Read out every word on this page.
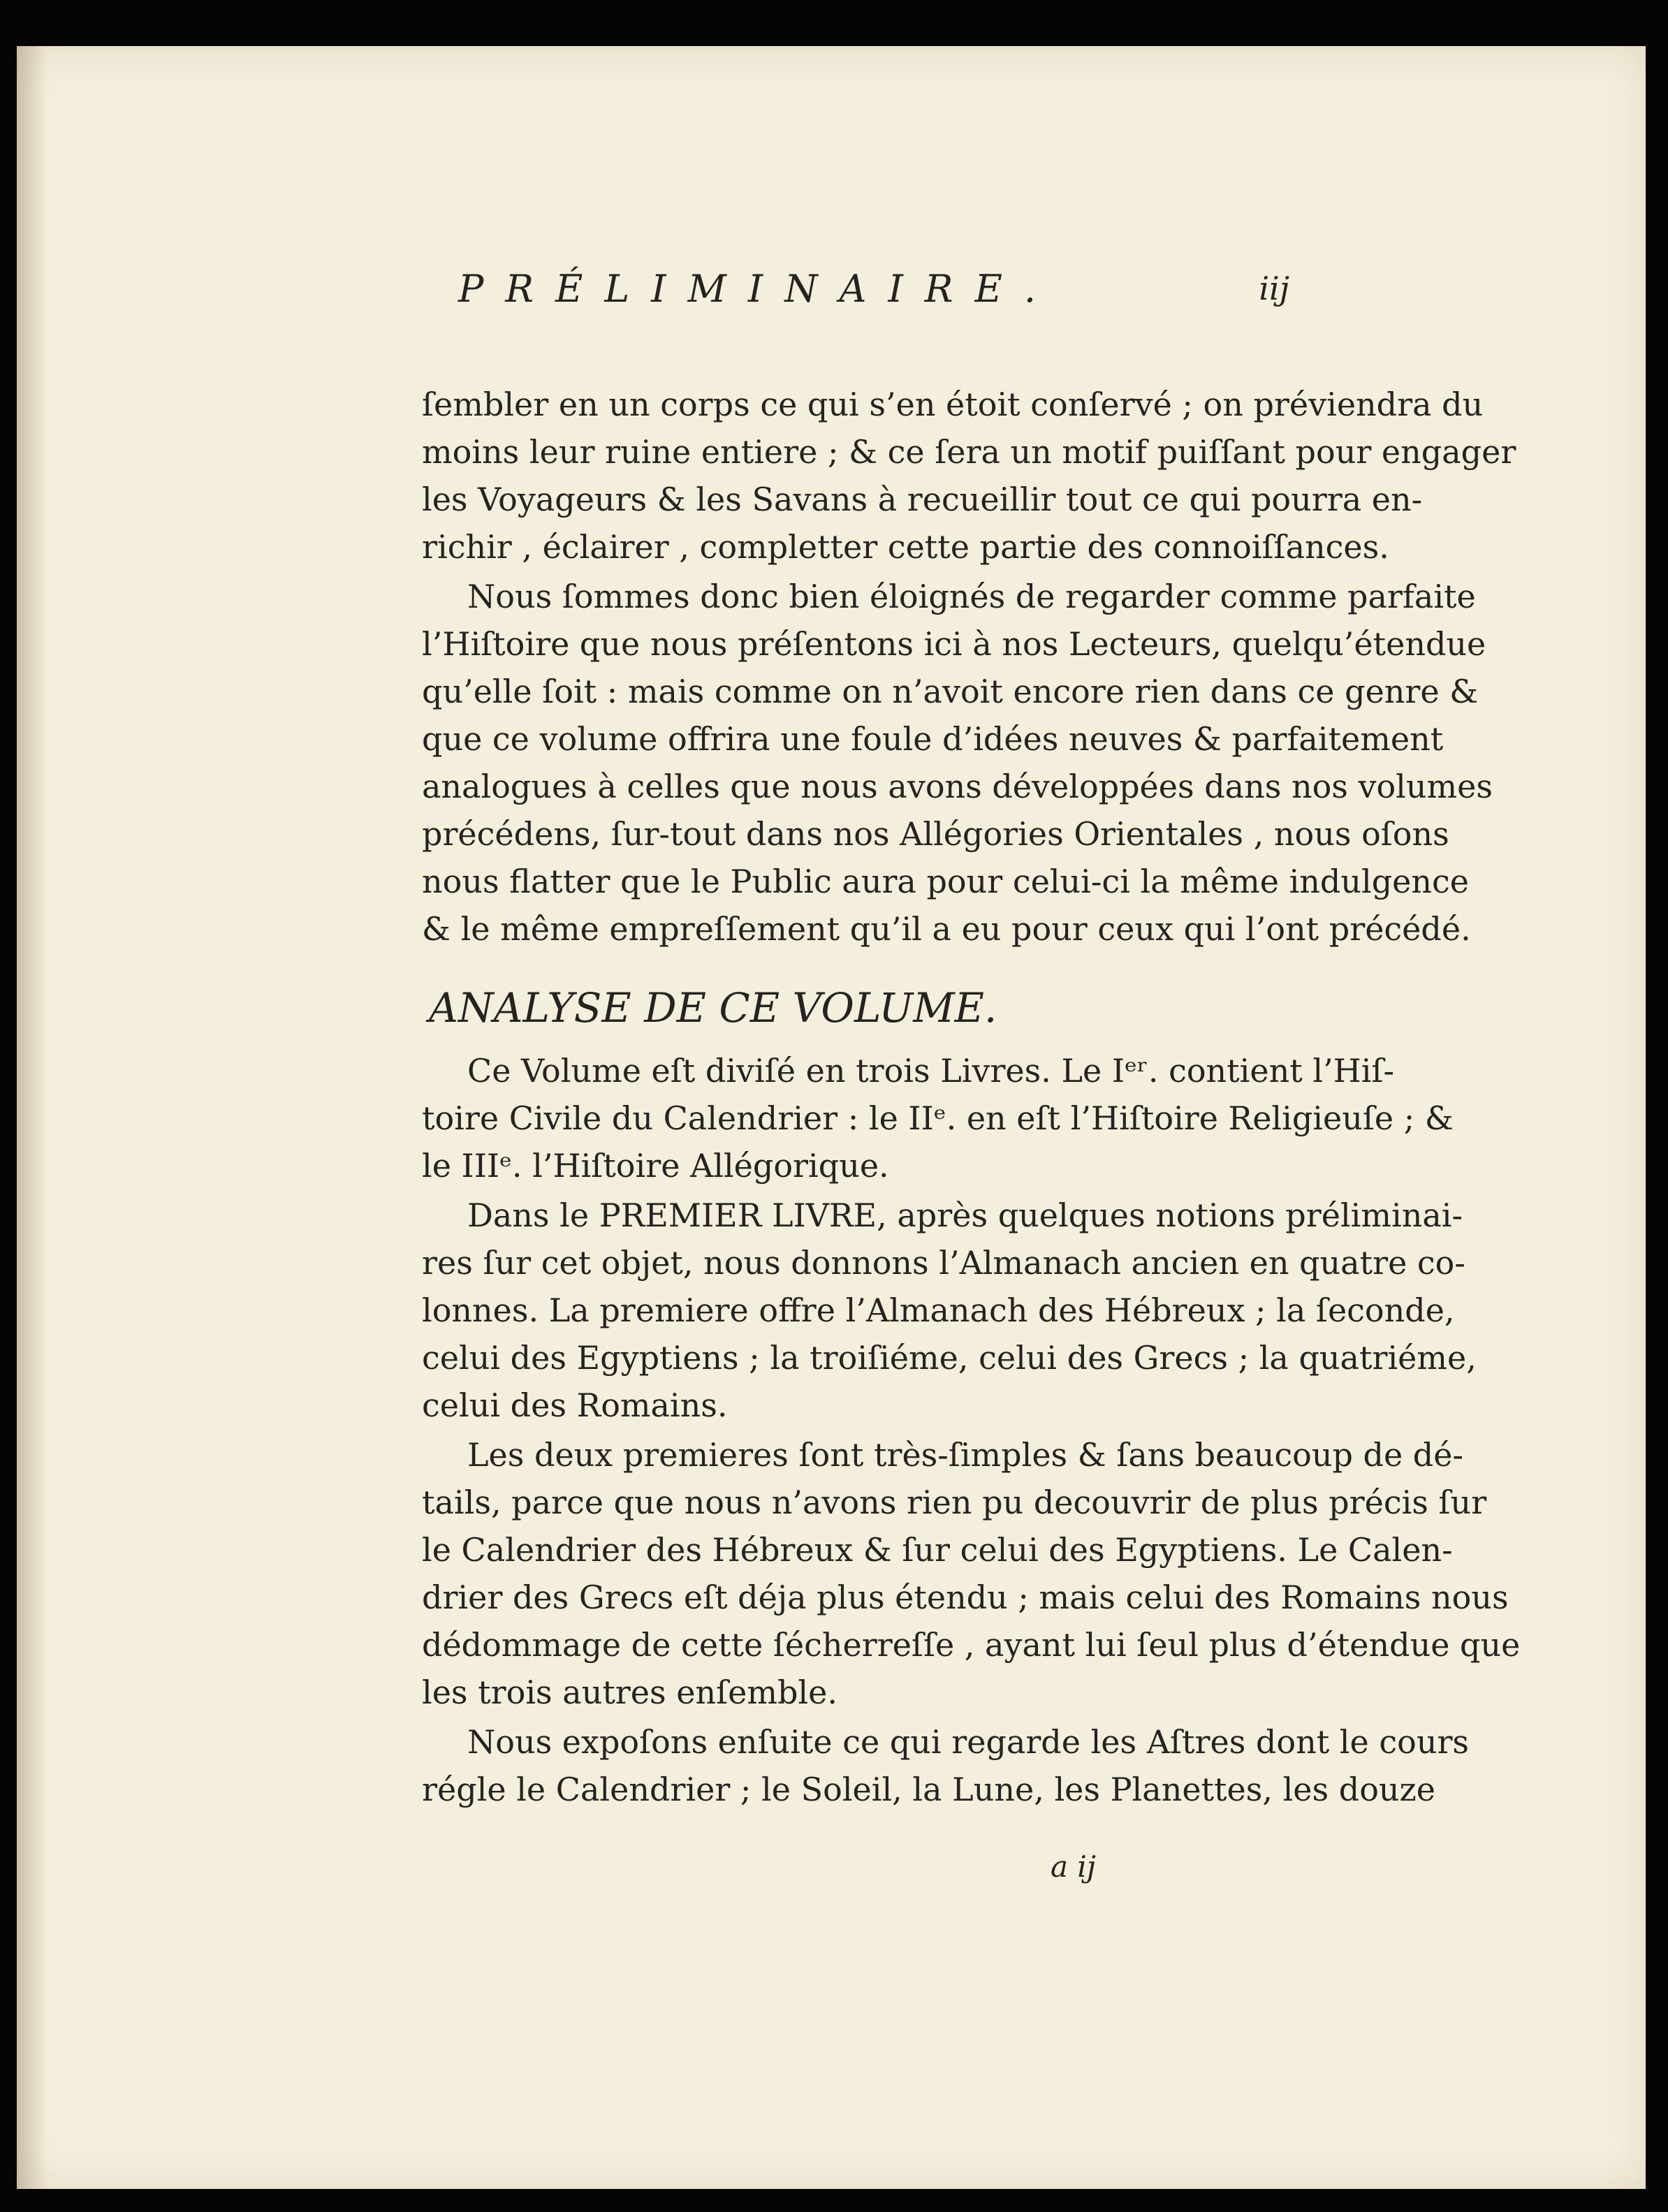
PRÉLIMINAIRE.	iij
ſembler en un corps ce qui s’en étoit conſervé ; on préviendra du
moins leur ruine entiere ; & ce ſera un motif puiſſant pour engager
les Voyageurs & les Savans à recueillir tout ce qui pourra en-
richir , éclairer , completter cette partie des connoiſſances.
Nous ſommes donc bien éloignés de regarder comme parfaite
l’Hiſtoire que nous préſentons ici à nos Lecteurs, quelqu’étendue
qu’elle ſoit : mais comme on n’avoit encore rien dans ce genre &
que ce volume offrira une foule d’idées neuves & parfaitement
analogues à celles que nous avons développées dans nos volumes
précédens, ſur-tout dans nos Allégories Orientales , nous oſons
nous flatter que le Public aura pour celui-ci la même indulgence
& le même empreſſement qu’il a eu pour ceux qui l’ont précédé.
ANALYSE DE CE VOLUME.
Ce Volume eſt diviſé en trois Livres. Le Iᵉʳ. contient l’Hiſ-
toire Civile du Calendrier : le IIᵉ. en eſt l’Hiſtoire Religieuſe ; &
le IIIᵉ. l’Hiſtoire Allégorique.
Dans le PREMIER LIVRE, après quelques notions préliminai-
res ſur cet objet, nous donnons l’Almanach ancien en quatre co-
lonnes. La premiere offre l’Almanach des Hébreux ; la ſeconde,
celui des Egyptiens ; la troiſiéme, celui des Grecs ; la quatriéme,
celui des Romains.
Les deux premieres ſont très-ſimples & ſans beaucoup de dé-
tails, parce que nous n’avons rien pu decouvrir de plus précis ſur
le Calendrier des Hébreux & ſur celui des Egyptiens. Le Calen-
drier des Grecs eſt déja plus étendu ; mais celui des Romains nous
dédommage de cette ſécherreſſe , ayant lui ſeul plus d’étendue que
les trois autres enſemble.
Nous expoſons enſuite ce qui regarde les Aſtres dont le cours
régle le Calendrier ; le Soleil, la Lune, les Planettes, les douze
a ij
